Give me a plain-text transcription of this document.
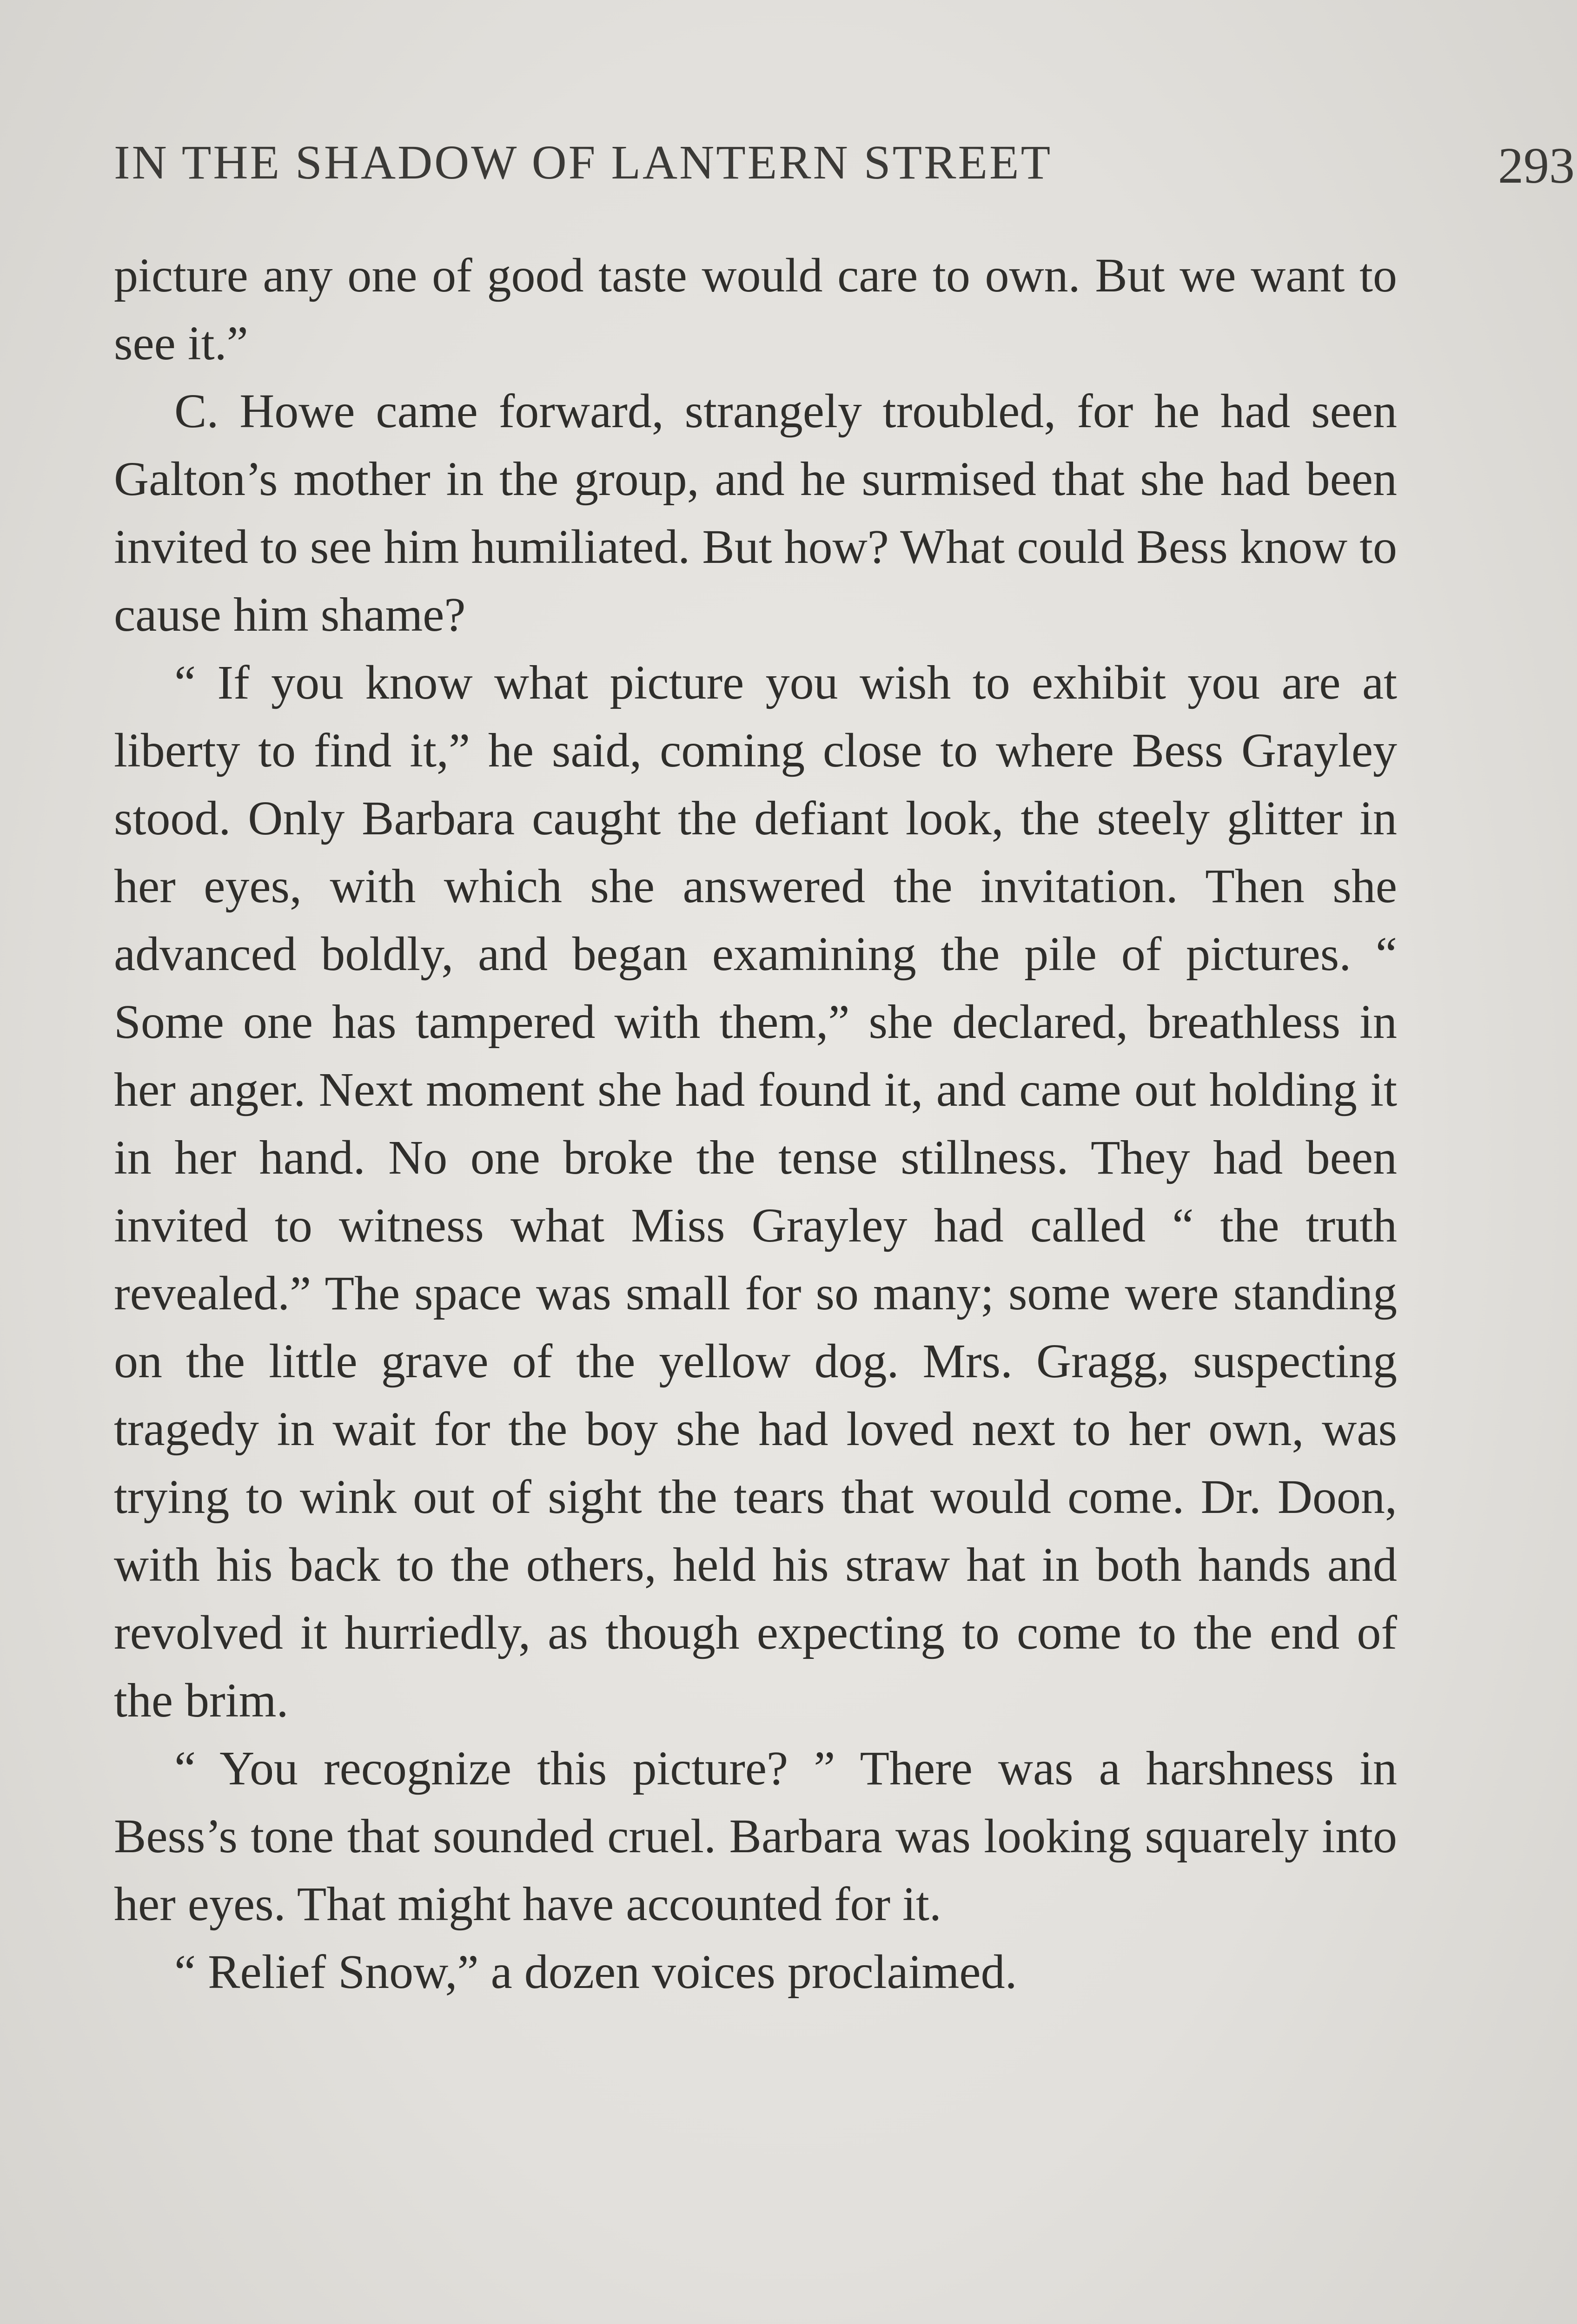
IN THE SHADOW OF LANTERN STREET	293

picture any one of good taste would care to own. But we want to see it.”

C. Howe came forward, strangely troubled, for he had seen Galton’s mother in the group, and he surmised that she had been invited to see him humiliated. But how? What could Bess know to cause him shame?

“ If you know what picture you wish to exhibit you are at liberty to find it,” he said, coming close to where Bess Grayley stood. Only Barbara caught the defiant look, the steely glitter in her eyes, with which she answered the invitation. Then she advanced boldly, and began examining the pile of pictures. “ Some one has tampered with them,” she declared, breathless in her anger. Next moment she had found it, and came out holding it in her hand. No one broke the tense stillness. They had been invited to witness what Miss Grayley had called “ the truth revealed.” The space was small for so many; some were standing on the little grave of the yellow dog. Mrs. Gragg, suspecting tragedy in wait for the boy she had loved next to her own, was trying to wink out of sight the tears that would come. Dr. Doon, with his back to the others, held his straw hat in both hands and revolved it hurriedly, as though expecting to come to the end of the brim.

“ You recognize this picture? ” There was a harshness in Bess’s tone that sounded cruel. Barbara was looking squarely into her eyes. That might have accounted for it.

“ Relief Snow,” a dozen voices proclaimed.
